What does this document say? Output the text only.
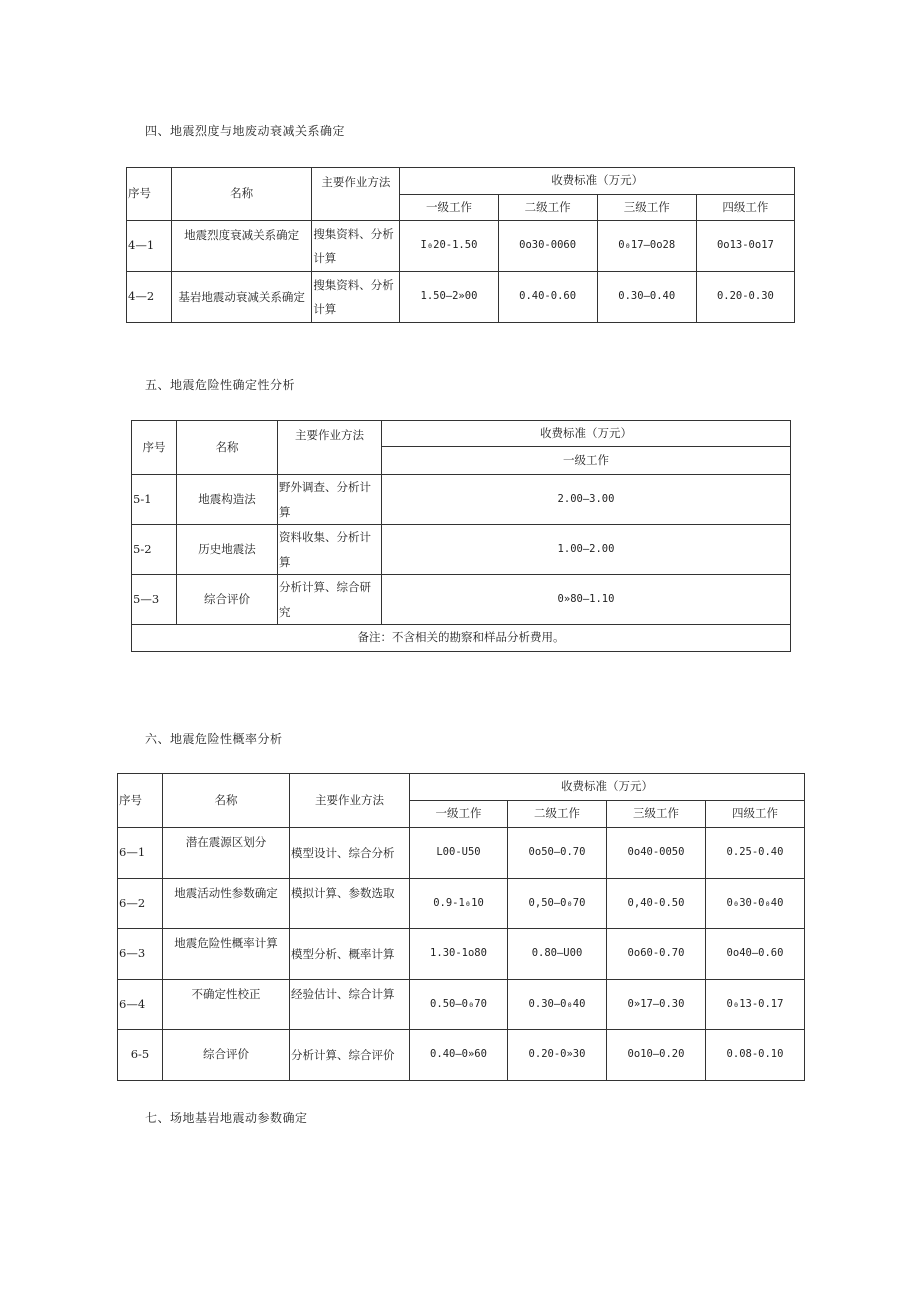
四、地震烈度与地废动衰减关系确定
序号	名称	主要作业方法	收费标准（万元）			
			一级工作	二级工作	三级工作	四级工作
4—1	地震烈度衰减关系确定	搜集资料、分析计算	I₀20-1.50	0o30-0060	0₀17—0o28	0o13-0o17
4—2	基岩地震动衰减关系确定	搜集资料、分析计算	1.50—2»00	0.40-0.60	0.30—0.40	0.20-0.30
五、地震危险性确定性分析
序号	名称	主要作业方法	收费标准（万元）
			一级工作
5-1	地震构造法	野外调查、分析计算	2.00—3.00
5-2	历史地震法	资料收集、分析计算	1.00—2.00
5—3	综合评价	分析计算、综合研究	0»80—1.10
备注：不含相关的勘察和样品分析费用。			
六、地震危险性概率分析
序号	名称	主要作业方法	收费标准（万元）			
			一级工作	二级工作	三级工作	四级工作
6—1	潜在震源区划分	模型设计、综合分析	L00-U50	0o50—0.70	0o40-0050	0.25-0.40
6—2	地震活动性参数确定	模拟计算、参数选取	0.9-1₀10	0,50—0₀70	0,40-0.50	0₀30-0₀40
6—3	地震危险性概率计算	模型分析、概率计算	1.30-1o80	0.80—U00	0o60-0.70	0o40—0.60
6—4	不确定性校正	经验估计、综合计算	0.50—0₀70	0.30—0₀40	0»17—0.30	0₀13-0.17
6-5	综合评价	分析计算、综合评价	0.40—0»60	0.20-0»30	0o10—0.20	0.08-0.10
七、场地基岩地震动参数确定
